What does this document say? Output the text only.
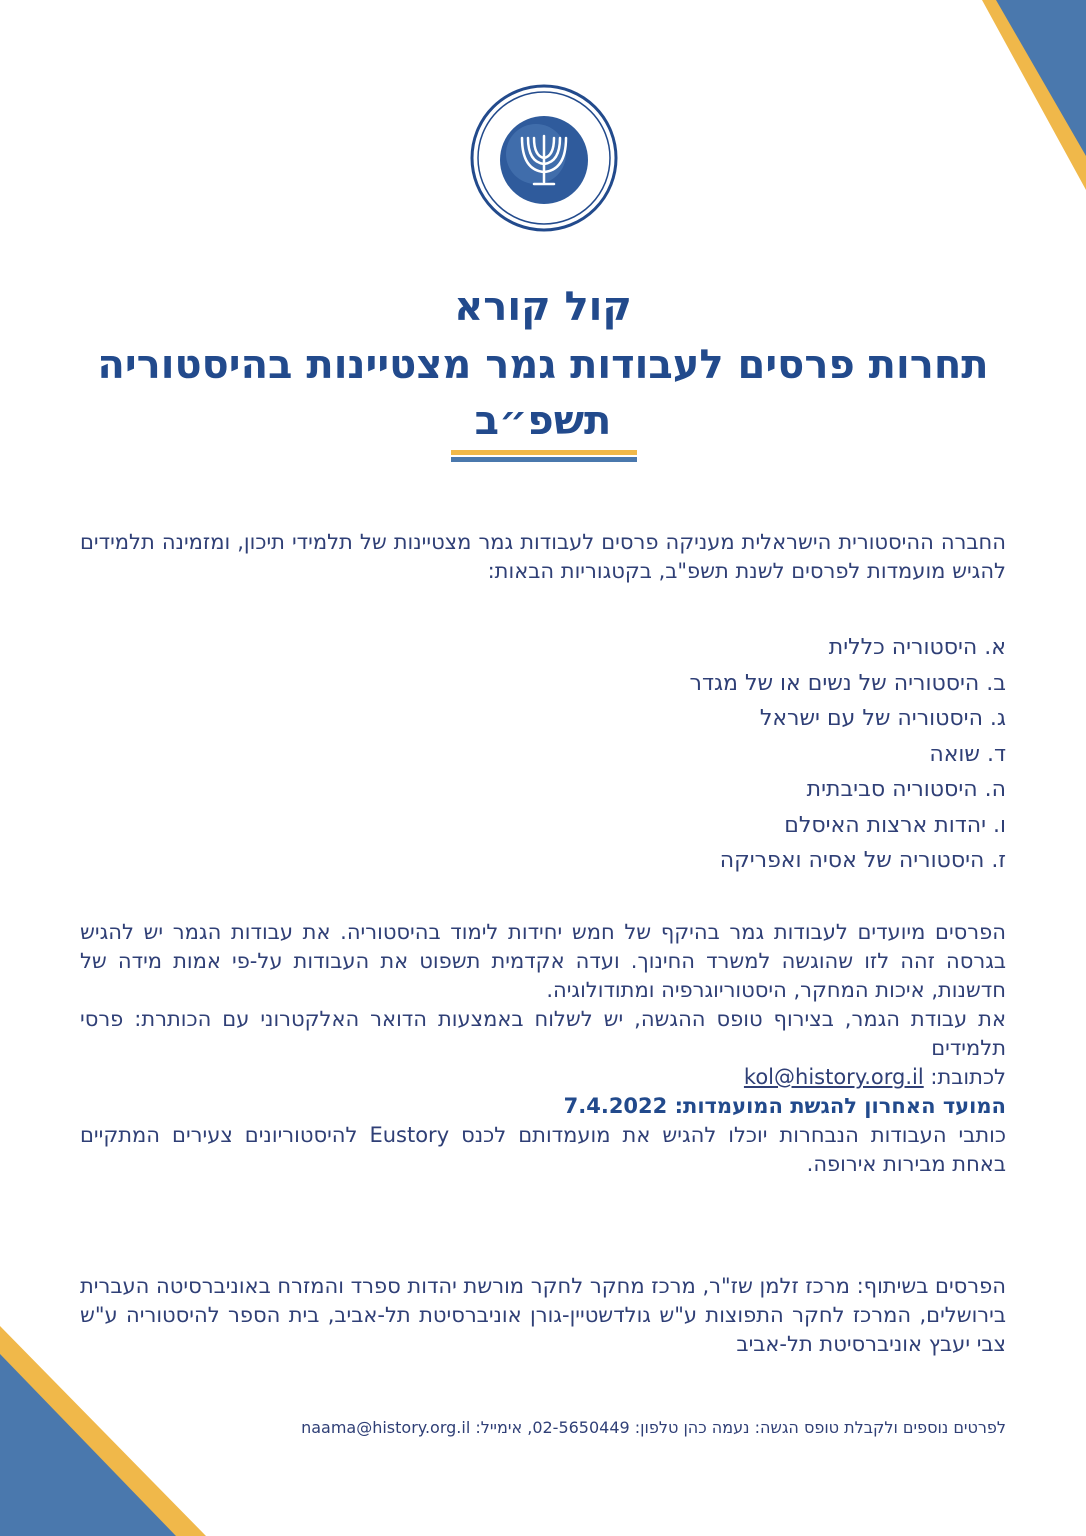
קול קורא
תחרות פרסים לעבודות גמר מצטיינות בהיסטוריה
תשפ״ב

החברה ההיסטורית הישראלית מעניקה פרסים לעבודות גמר מצטיינות של תלמידי תיכון, ומזמינה תלמידים להגיש מועמדות לפרסים לשנת תשפ"ב, בקטגוריות הבאות:

א. היסטוריה כללית
ב. היסטוריה של נשים או של מגדר
ג. היסטוריה של עם ישראל
ד. שואה
ה. היסטוריה סביבתית
ו. יהדות ארצות האיסלם
ז. היסטוריה של אסיה ואפריקה
הפרסים מיועדים לעבודות גמר בהיקף של חמש יחידות לימוד בהיסטוריה. את עבודות הגמר יש להגיש בגרסה זהה לזו שהוגשה למשרד החינוך. ועדה אקדמית תשפוט את העבודות על-פי אמות מידה של חדשנות, איכות המחקר, היסטוריוגרפיה ומתודולוגיה.
את עבודת הגמר, בצירוף טופס ההגשה, יש לשלוח באמצעות הדואר האלקטרוני עם הכותרת: פרסי תלמידים
לכתובת: kol@history.org.il
המועד האחרון להגשת המועמדות: 7.4.2022
כותבי העבודות הנבחרות יוכלו להגיש את מועמדותם לכנס Eustory להיסטוריונים צעירים המתקיים באחת מבירות אירופה.

הפרסים בשיתוף: מרכז זלמן שז"ר, מרכז מחקר לחקר מורשת יהדות ספרד והמזרח באוניברסיטה העברית בירושלים, המרכז לחקר התפוצות ע"ש גולדשטיין-גורן אוניברסיטת תל-אביב, בית הספר להיסטוריה ע"ש צבי יעבץ אוניברסיטת תל-אביב

לפרטים נוספים ולקבלת טופס הגשה: נעמה כהן טלפון: 02-5650449, אימייל: naama@history.org.il
